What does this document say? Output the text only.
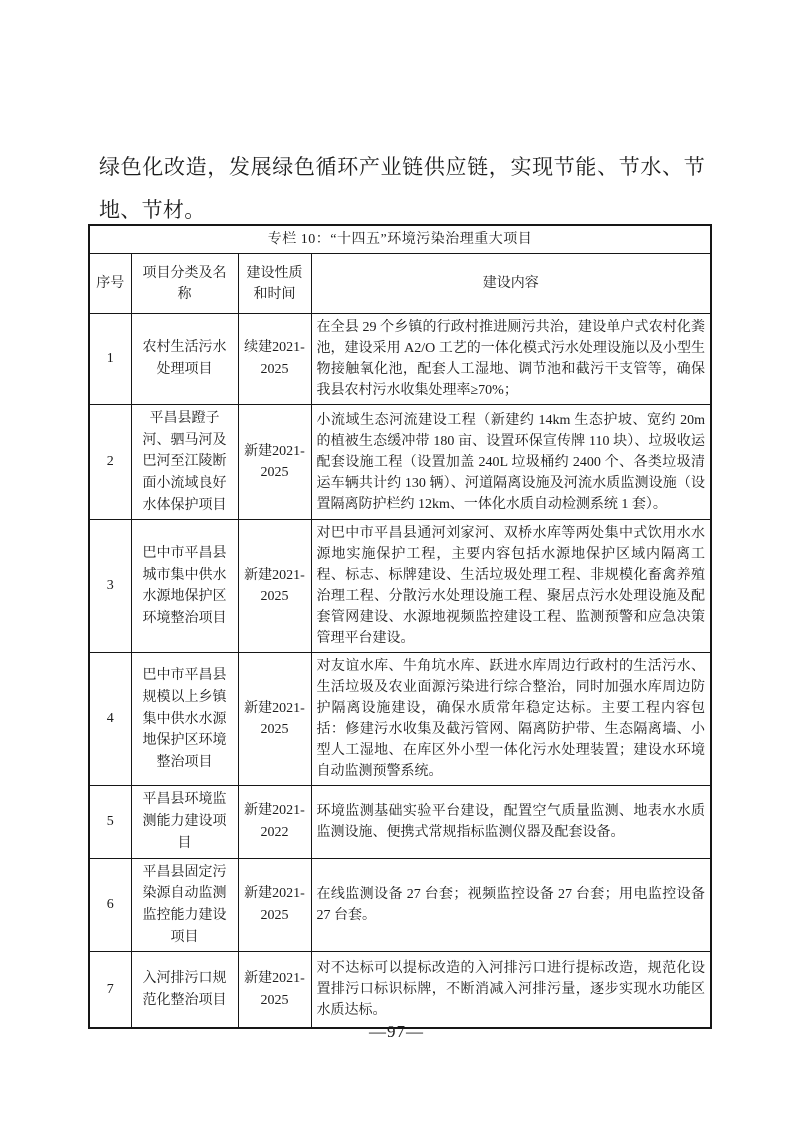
绿色化改造，发展绿色循环产业链供应链，实现节能、节水、节地、节材。

专栏 10：“十四五”环境污染治理重大项目			
序号	项目分类及名称	建设性质和时间	建设内容
1	农村生活污水处理项目	续建2021-2025	在全县 29 个乡镇的行政村推进厕污共治，建设单户式农村化粪池，建设采用 A2/O 工艺的一体化模式污水处理设施以及小型生物接触氧化池，配套人工湿地、调节池和截污干支管等，确保我县农村污水收集处理率≥70%；
2	平昌县蹬子河、驷马河及巴河至江陵断面小流域良好水体保护项目	新建2021-2025	小流域生态河流建设工程（新建约 14km 生态护坡、宽约 20m 的植被生态缓冲带 180 亩、设置环保宣传牌 110 块）、垃圾收运配套设施工程（设置加盖 240L 垃圾桶约 2400 个、各类垃圾清运车辆共计约 130 辆）、河道隔离设施及河流水质监测设施（设置隔离防护栏约 12km、一体化水质自动检测系统 1 套）。
3	巴中市平昌县城市集中供水水源地保护区环境整治项目	新建2021-2025	对巴中市平昌县通河刘家河、双桥水库等两处集中式饮用水水源地实施保护工程，主要内容包括水源地保护区域内隔离工程、标志、标牌建设、生活垃圾处理工程、非规模化畜禽养殖治理工程、分散污水处理设施工程、聚居点污水处理设施及配套管网建设、水源地视频监控建设工程、监测预警和应急决策管理平台建设。
4	巴中市平昌县规模以上乡镇集中供水水源地保护区环境整治项目	新建2021-2025	对友谊水库、牛角坑水库、跃进水库周边行政村的生活污水、生活垃圾及农业面源污染进行综合整治，同时加强水库周边防护隔离设施建设，确保水质常年稳定达标。主要工程内容包括：修建污水收集及截污管网、隔离防护带、生态隔离墙、小型人工湿地、在库区外小型一体化污水处理装置；建设水环境自动监测预警系统。
5	平昌县环境监测能力建设项目	新建2021-2022	环境监测基础实验平台建设，配置空气质量监测、地表水水质监测设施、便携式常规指标监测仪器及配套设备。
6	平昌县固定污染源自动监测监控能力建设项目	新建2021-2025	在线监测设备 27 台套；视频监控设备 27 台套；用电监控设备 27 台套。
7	入河排污口规范化整治项目	新建2021-2025	对不达标可以提标改造的入河排污口进行提标改造，规范化设置排污口标识标牌，不断消减入河排污量，逐步实现水功能区水质达标。
—97—
